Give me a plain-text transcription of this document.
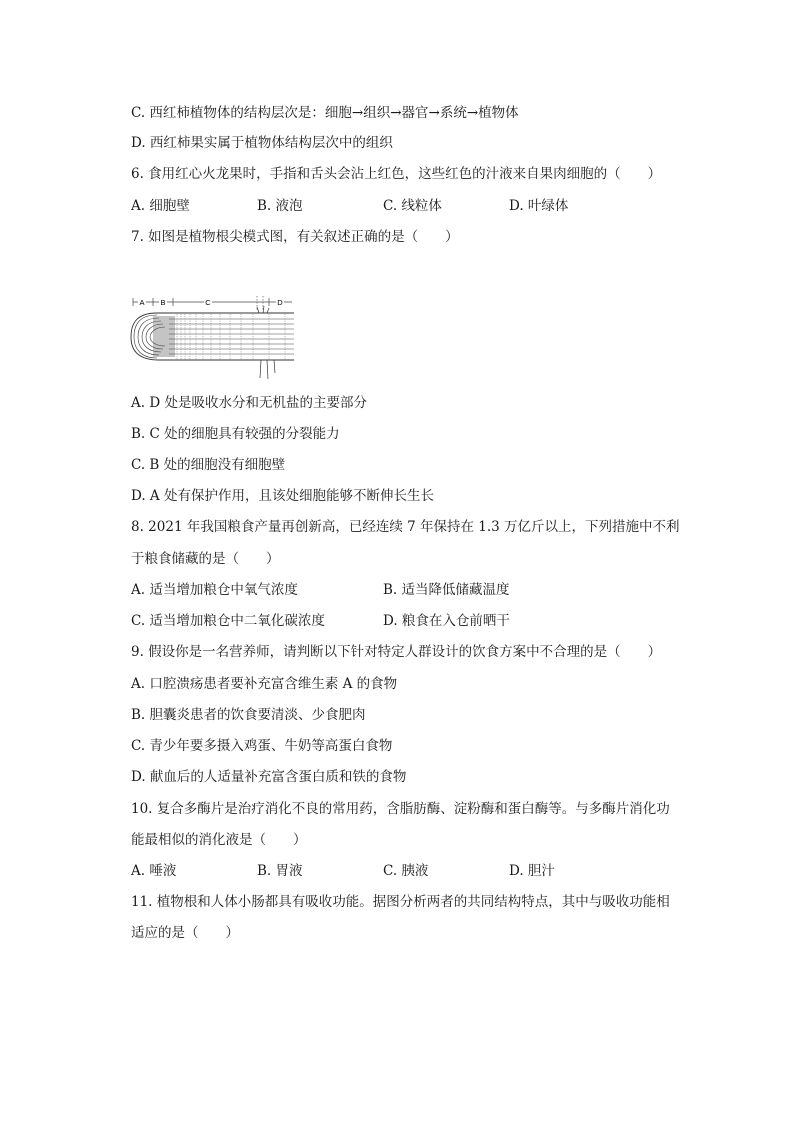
C. 西红柿植物体的结构层次是：细胞→组织→器官→系统→植物体
D. 西红柿果实属于植物体结构层次中的组织
6. 食用红心火龙果时，手指和舌头会沾上红色，这些红色的汁液来自果肉细胞的（　　）
A. 细胞壁	B. 液泡	C. 线粒体	D. 叶绿体
7. 如图是植物根尖模式图，有关叙述正确的是（　　）
A B	C	D
A. D 处是吸收水分和无机盐的主要部分
B. C 处的细胞具有较强的分裂能力
C. B 处的细胞没有细胞壁
D. A 处有保护作用，且该处细胞能够不断伸长生长
8. 2021 年我国粮食产量再创新高，已经连续 7 年保持在 1.3 万亿斤以上，下列措施中不利
于粮食储藏的是（　　）
A. 适当增加粮仓中氧气浓度	B. 适当降低储藏温度
C. 适当增加粮仓中二氧化碳浓度	D. 粮食在入仓前晒干
9. 假设你是一名营养师，请判断以下针对特定人群设计的饮食方案中不合理的是（　　）
A. 口腔溃疡患者要补充富含维生素 A 的食物
B. 胆囊炎患者的饮食要清淡、少食肥肉
C. 青少年要多摄入鸡蛋、牛奶等高蛋白食物
D. 献血后的人适量补充富含蛋白质和铁的食物
10. 复合多酶片是治疗消化不良的常用药，含脂肪酶、淀粉酶和蛋白酶等。与多酶片消化功
能最相似的消化液是（　　）
A. 唾液	B. 胃液	C. 胰液	D. 胆汁
11. 植物根和人体小肠都具有吸收功能。据图分析两者的共同结构特点，其中与吸收功能相
适应的是（　　）
